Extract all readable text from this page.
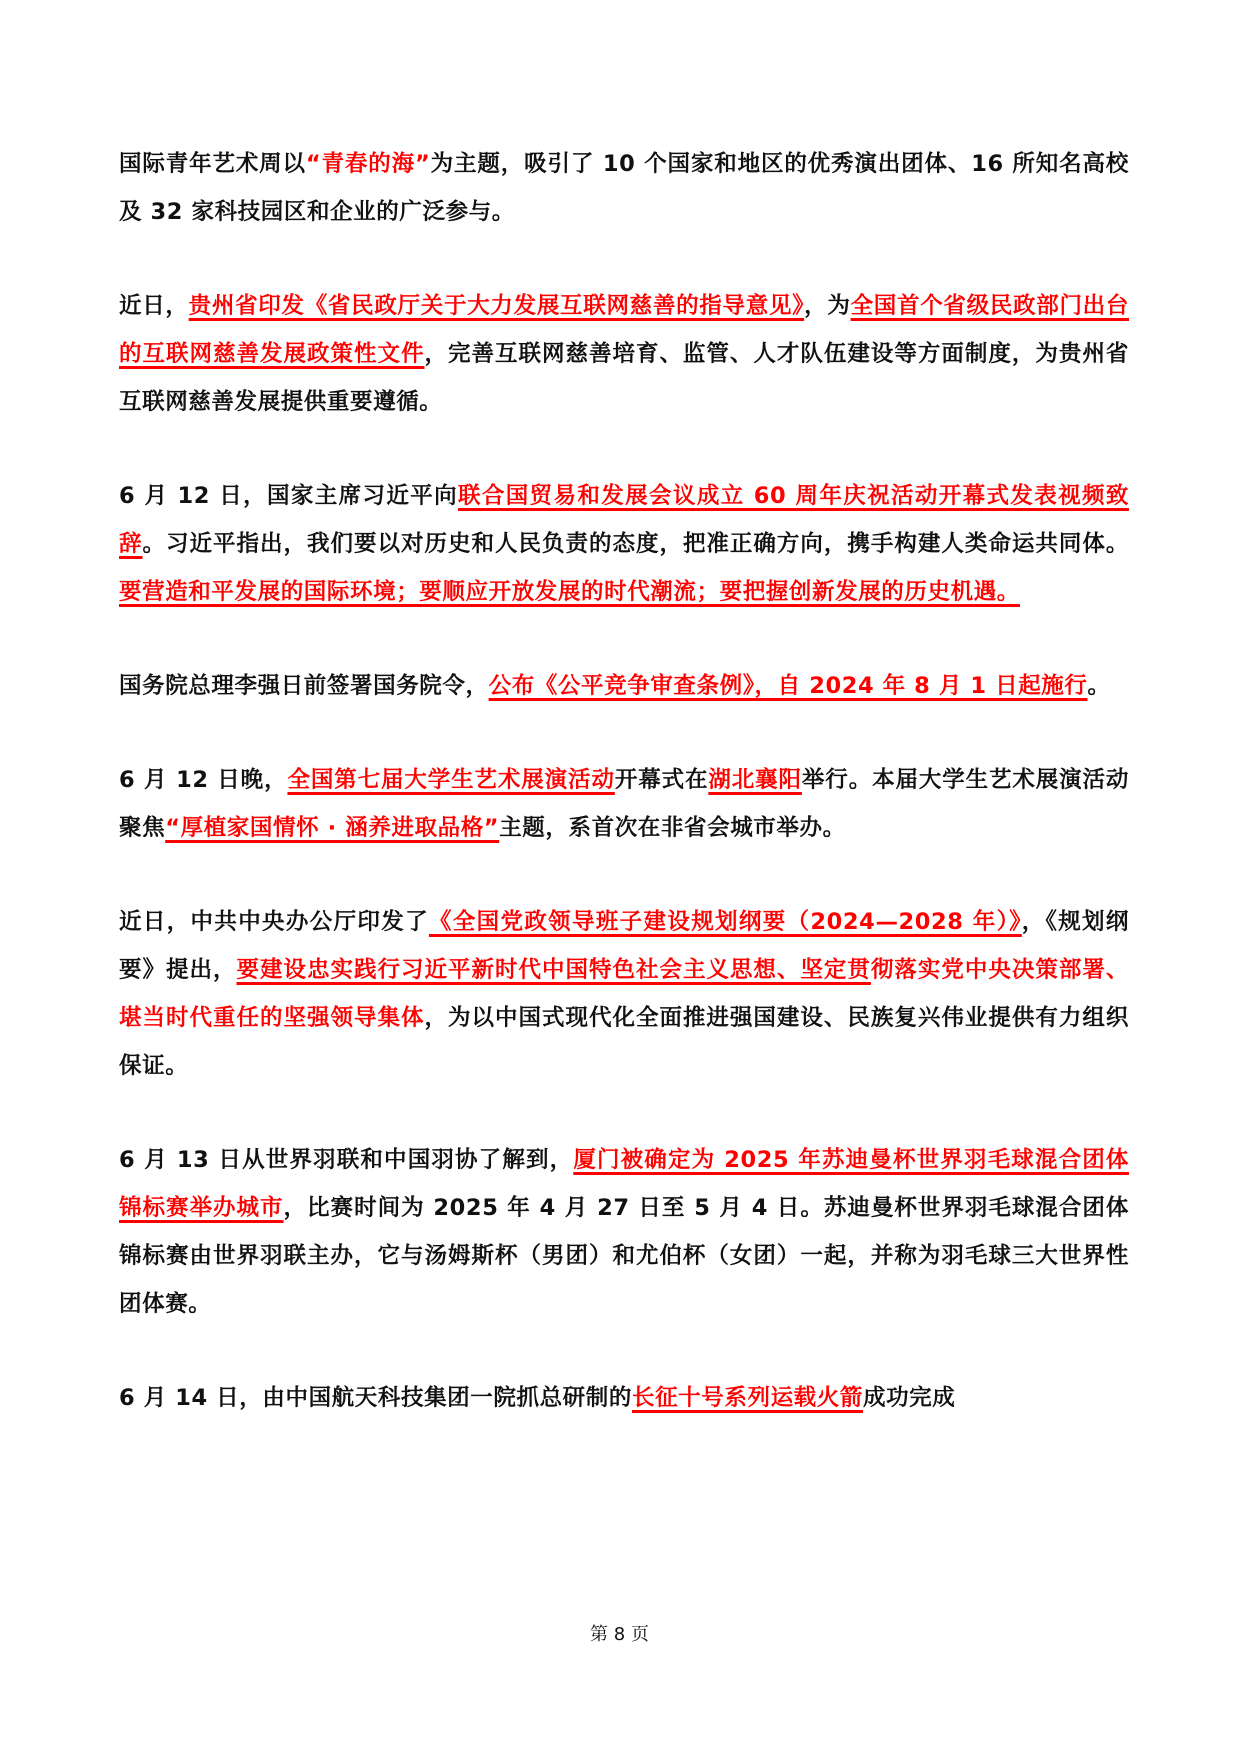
国际青年艺术周以“青春的海”为主题，吸引了 10 个国家和地区的优秀演出团体、16 所知名高校及 32 家科技园区和企业的广泛参与。

近日，贵州省印发《省民政厅关于大力发展互联网慈善的指导意见》，为全国首个省级民政部门出台的互联网慈善发展政策性文件，完善互联网慈善培育、监管、人才队伍建设等方面制度，为贵州省互联网慈善发展提供重要遵循。

6 月 12 日，国家主席习近平向联合国贸易和发展会议成立 60 周年庆祝活动开幕式发表视频致辞。习近平指出，我们要以对历史和人民负责的态度，把准正确方向，携手构建人类命运共同体。要营造和平发展的国际环境；要顺应开放发展的时代潮流；要把握创新发展的历史机遇。

国务院总理李强日前签署国务院令，公布《公平竞争审查条例》，自 2024 年 8 月 1 日起施行。

6 月 12 日晚，全国第七届大学生艺术展演活动开幕式在湖北襄阳举行。本届大学生艺术展演活动聚焦“厚植家国情怀 · 涵养进取品格”主题，系首次在非省会城市举办。

近日，中共中央办公厅印发了《全国党政领导班子建设规划纲要（2024—2028 年）》，《规划纲要》提出，要建设忠实践行习近平新时代中国特色社会主义思想、坚定贯彻落实党中央决策部署、堪当时代重任的坚强领导集体，为以中国式现代化全面推进强国建设、民族复兴伟业提供有力组织保证。

6 月 13 日从世界羽联和中国羽协了解到，厦门被确定为 2025 年苏迪曼杯世界羽毛球混合团体锦标赛举办城市，比赛时间为 2025 年 4 月 27 日至 5 月 4 日。苏迪曼杯世界羽毛球混合团体锦标赛由世界羽联主办，它与汤姆斯杯（男团）和尤伯杯（女团）一起，并称为羽毛球三大世界性团体赛。

6 月 14 日，由中国航天科技集团一院抓总研制的长征十号系列运载火箭成功完成

第 8 页
